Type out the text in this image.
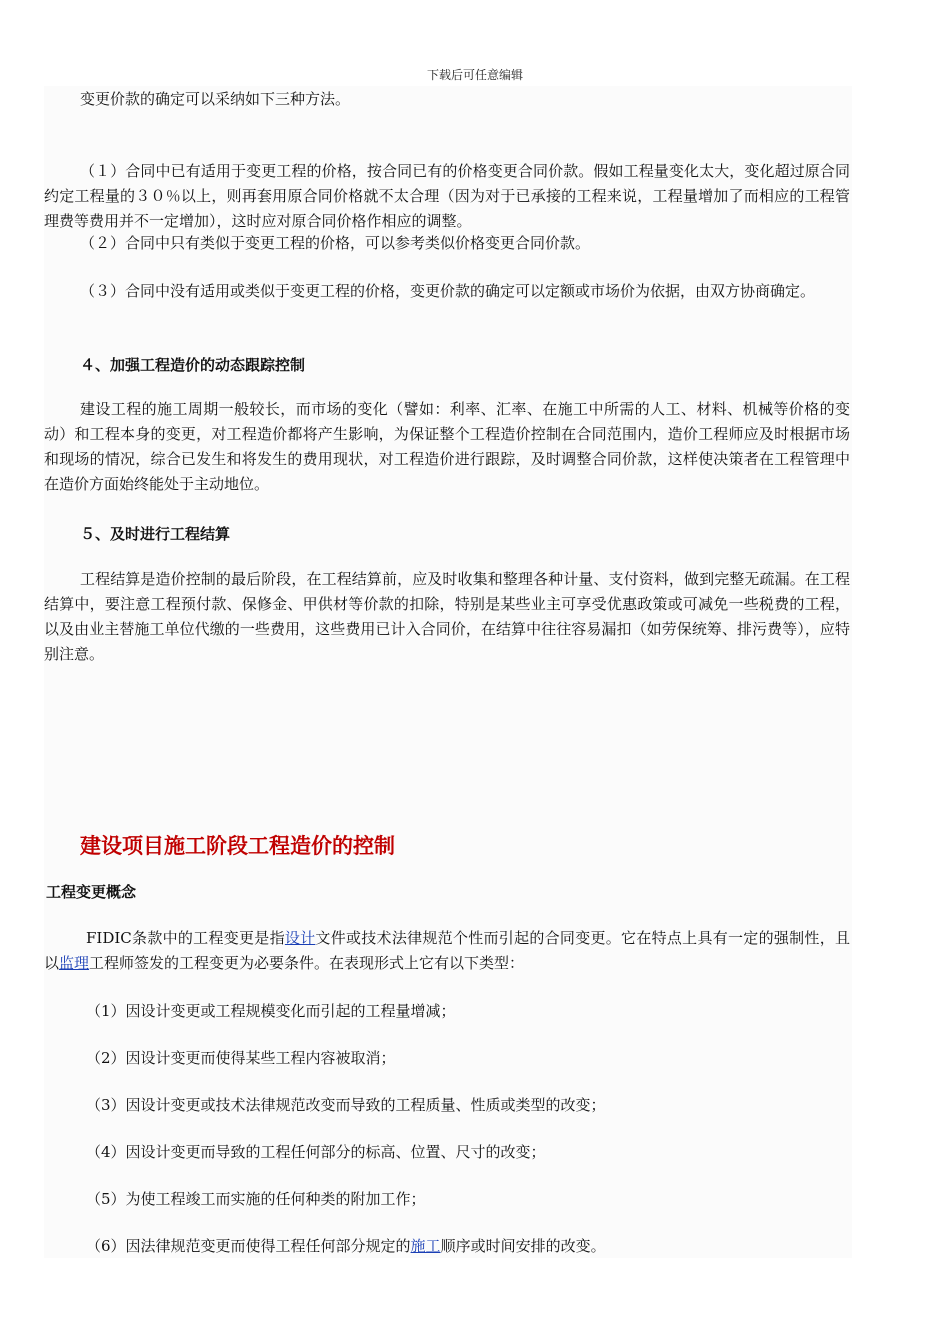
下载后可任意编辑

变更价款的确定可以采纳如下三种方法。

（１）合同中已有适用于变更工程的价格，按合同已有的价格变更合同价款。假如工程量变化太大，变化超过原合同约定工程量的３０％以上，则再套用原合同价格就不太合理（因为对于已承接的工程来说，工程量增加了而相应的工程管理费等费用并不一定增加），这时应对原合同价格作相应的调整。

（２）合同中只有类似于变更工程的价格，可以参考类似价格变更合同价款。

（３）合同中没有适用或类似于变更工程的价格，变更价款的确定可以定额或市场价为依据，由双方协商确定。

４、加强工程造价的动态跟踪控制

建设工程的施工周期一般较长，而市场的变化（譬如：利率、汇率、在施工中所需的人工、材料、机械等价格的变动）和工程本身的变更，对工程造价都将产生影响，为保证整个工程造价控制在合同范围内，造价工程师应及时根据市场和现场的情况，综合已发生和将发生的费用现状，对工程造价进行跟踪，及时调整合同价款，这样使决策者在工程管理中在造价方面始终能处于主动地位。

５、及时进行工程结算

工程结算是造价控制的最后阶段，在工程结算前，应及时收集和整理各种计量、支付资料，做到完整无疏漏。在工程结算中，要注意工程预付款、保修金、甲供材等价款的扣除，特别是某些业主可享受优惠政策或可减免一些税费的工程，以及由业主替施工单位代缴的一些费用，这些费用已计入合同价，在结算中往往容易漏扣（如劳保统筹、排污费等），应特别注意。

建设项目施工阶段工程造价的控制
工程变更概念

FIDIC条款中的工程变更是指设计文件或技术法律规范个性而引起的合同变更。它在特点上具有一定的强制性，且以监理工程师签发的工程变更为必要条件。在表现形式上它有以下类型：

（1）因设计变更或工程规模变化而引起的工程量增减；

（2）因设计变更而使得某些工程内容被取消；

（3）因设计变更或技术法律规范改变而导致的工程质量、性质或类型的改变；

（4）因设计变更而导致的工程任何部分的标高、位置、尺寸的改变；

（5）为使工程竣工而实施的任何种类的附加工作；

（6）因法律规范变更而使得工程任何部分规定的施工顺序或时间安排的改变。
